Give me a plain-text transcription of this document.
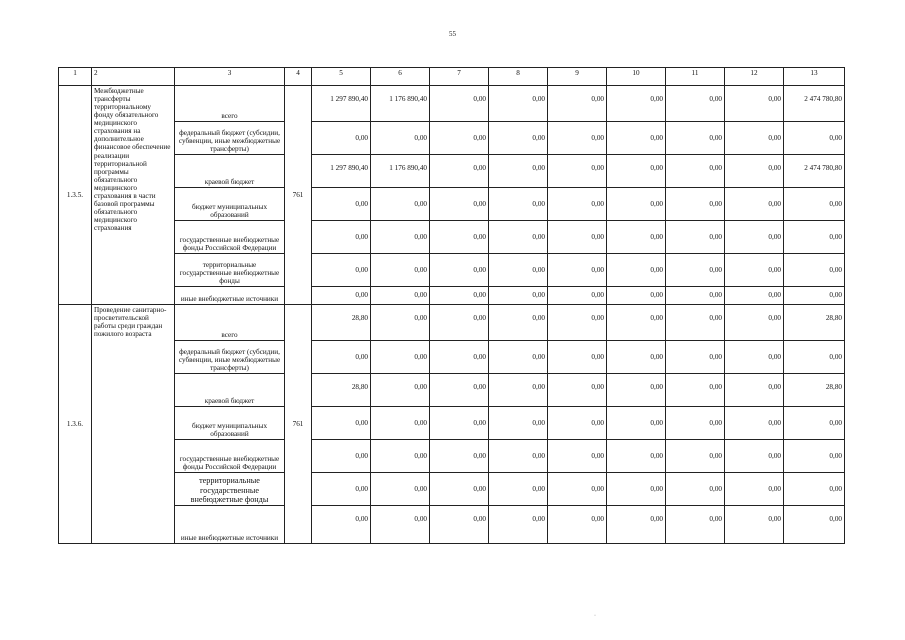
55
1	2	3	4	5	6	7	8	9	10	11	12	13
1.3.5.	Межбюджетные трансферты территориальному фонду обязательного медицинского страхования на дополнительное финансовое обеспечение реализации территориальной программы обязательного медицинского страхования в части базовой программы обязательного медицинского страхования	всего	761	1 297 890,40	1 176 890,40	0,00	0,00	0,00	0,00	0,00	0,00	2 474 780,80
		федеральный бюджет (субсидии, субвенции, иные межбюджетные трансферты)		0,00	0,00	0,00	0,00	0,00	0,00	0,00	0,00	0,00
		краевой бюджет		1 297 890,40	1 176 890,40	0,00	0,00	0,00	0,00	0,00	0,00	2 474 780,80
		бюджет муниципальных образований		0,00	0,00	0,00	0,00	0,00	0,00	0,00	0,00	0,00
		государственные внебюджетные фонды Российской Федерации		0,00	0,00	0,00	0,00	0,00	0,00	0,00	0,00	0,00
		территориальные государственные внебюджетные фонды		0,00	0,00	0,00	0,00	0,00	0,00	0,00	0,00	0,00
		иные внебюджетные источники		0,00	0,00	0,00	0,00	0,00	0,00	0,00	0,00	0,00
1.3.6.	Проведение санитарно-просветительской работы среди граждан пожилого возраста	всего	761	28,80	0,00	0,00	0,00	0,00	0,00	0,00	0,00	28,80
		федеральный бюджет (субсидии, субвенции, иные межбюджетные трансферты)		0,00	0,00	0,00	0,00	0,00	0,00	0,00	0,00	0,00
		краевой бюджет		28,80	0,00	0,00	0,00	0,00	0,00	0,00	0,00	28,80
		бюджет муниципальных образований		0,00	0,00	0,00	0,00	0,00	0,00	0,00	0,00	0,00
		государственные внебюджетные фонды Российской Федерации		0,00	0,00	0,00	0,00	0,00	0,00	0,00	0,00	0,00
		территориальные государственные внебюджетные фонды		0,00	0,00	0,00	0,00	0,00	0,00	0,00	0,00	0,00
		иные внебюджетные источники		0,00	0,00	0,00	0,00	0,00	0,00	0,00	0,00	0,00
·
